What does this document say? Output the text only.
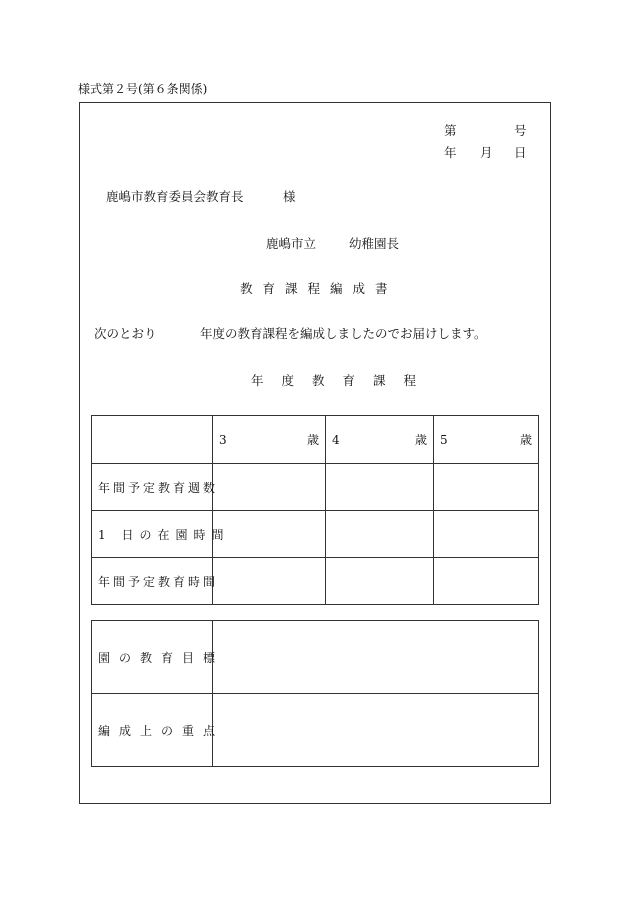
様式第２号(第６条関係)
第	号
年 月 日
鹿嶋市教育委員会教育長	様
鹿嶋市立	幼稚園長
教育課程編成書
次のとおり	年度の教育課程を編成しましたのでお届けします。
年度教育課程

	3 歳	4 歳	5 歳

年間予定教育週数			
1 日の在園時間			
年間予定教育時間			
園の教育目標	
編成上の重点	
